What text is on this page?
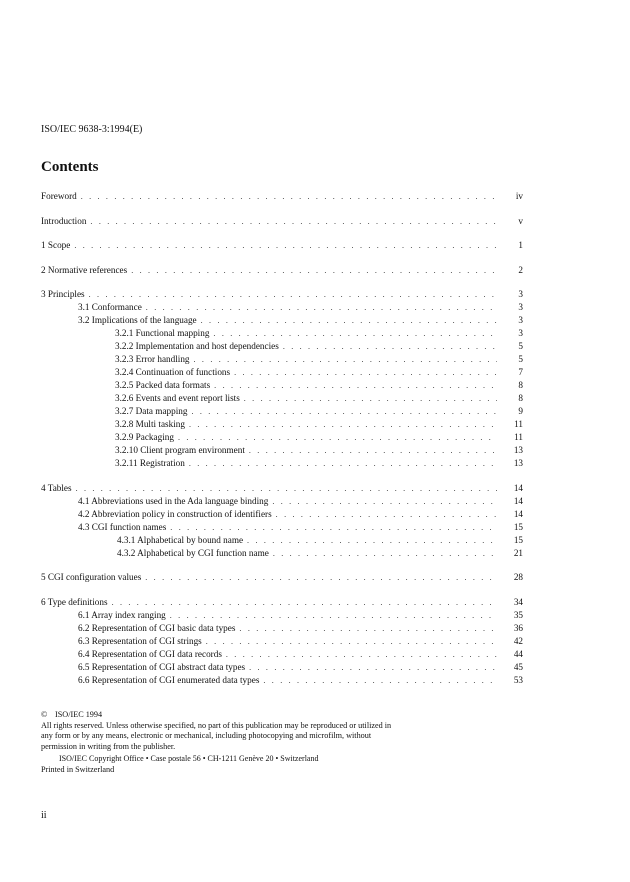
ISO/IEC 9638-3:1994(E)
Contents
Foreword . . .	iv
Introduction . . .	v
1 Scope . . .	1
2 Normative references . . .	2
3 Principles . . .	3
3.1 Conformance . . .	3
3.2 Implications of the language . . .	3
3.2.1 Functional mapping . . .	3
3.2.2 Implementation and host dependencies . . .	5
3.2.3 Error handling . . .	5
3.2.4 Continuation of functions . . .	7
3.2.5 Packed data formats . . .	8
3.2.6 Events and event report lists . . .	8
3.2.7 Data mapping . . .	9
3.2.8 Multi tasking . . .	11
3.2.9 Packaging . . .	11
3.2.10 Client program environment . . .	13
3.2.11 Registration . . .	13
4 Tables . . .	14
4.1 Abbreviations used in the Ada language binding . . .	14
4.2 Abbreviation policy in construction of identifiers . . .	14
4.3 CGI function names . . .	15
4.3.1 Alphabetical by bound name . . .	15
4.3.2 Alphabetical by CGI function name . . .	21
5 CGI configuration values . . .	28
6 Type definitions . . .	34
6.1 Array index ranging . . .	35
6.2 Representation of CGI basic data types . . .	36
6.3 Representation of CGI strings . . .	42
6.4 Representation of CGI data records . . .	44
6.5 Representation of CGI abstract data types . . .	45
6.6 Representation of CGI enumerated data types . . .	53

© ISO/IEC 1994

All rights reserved. Unless otherwise specified, no part of this publication may be reproduced or utilized in any form or by any means, electronic or mechanical, including photocopying and microfilm, without permission in writing from the publisher.

ISO/IEC Copyright Office • Case postale 56 • CH-1211 Genève 20 • Switzerland

Printed in Switzerland

ii
